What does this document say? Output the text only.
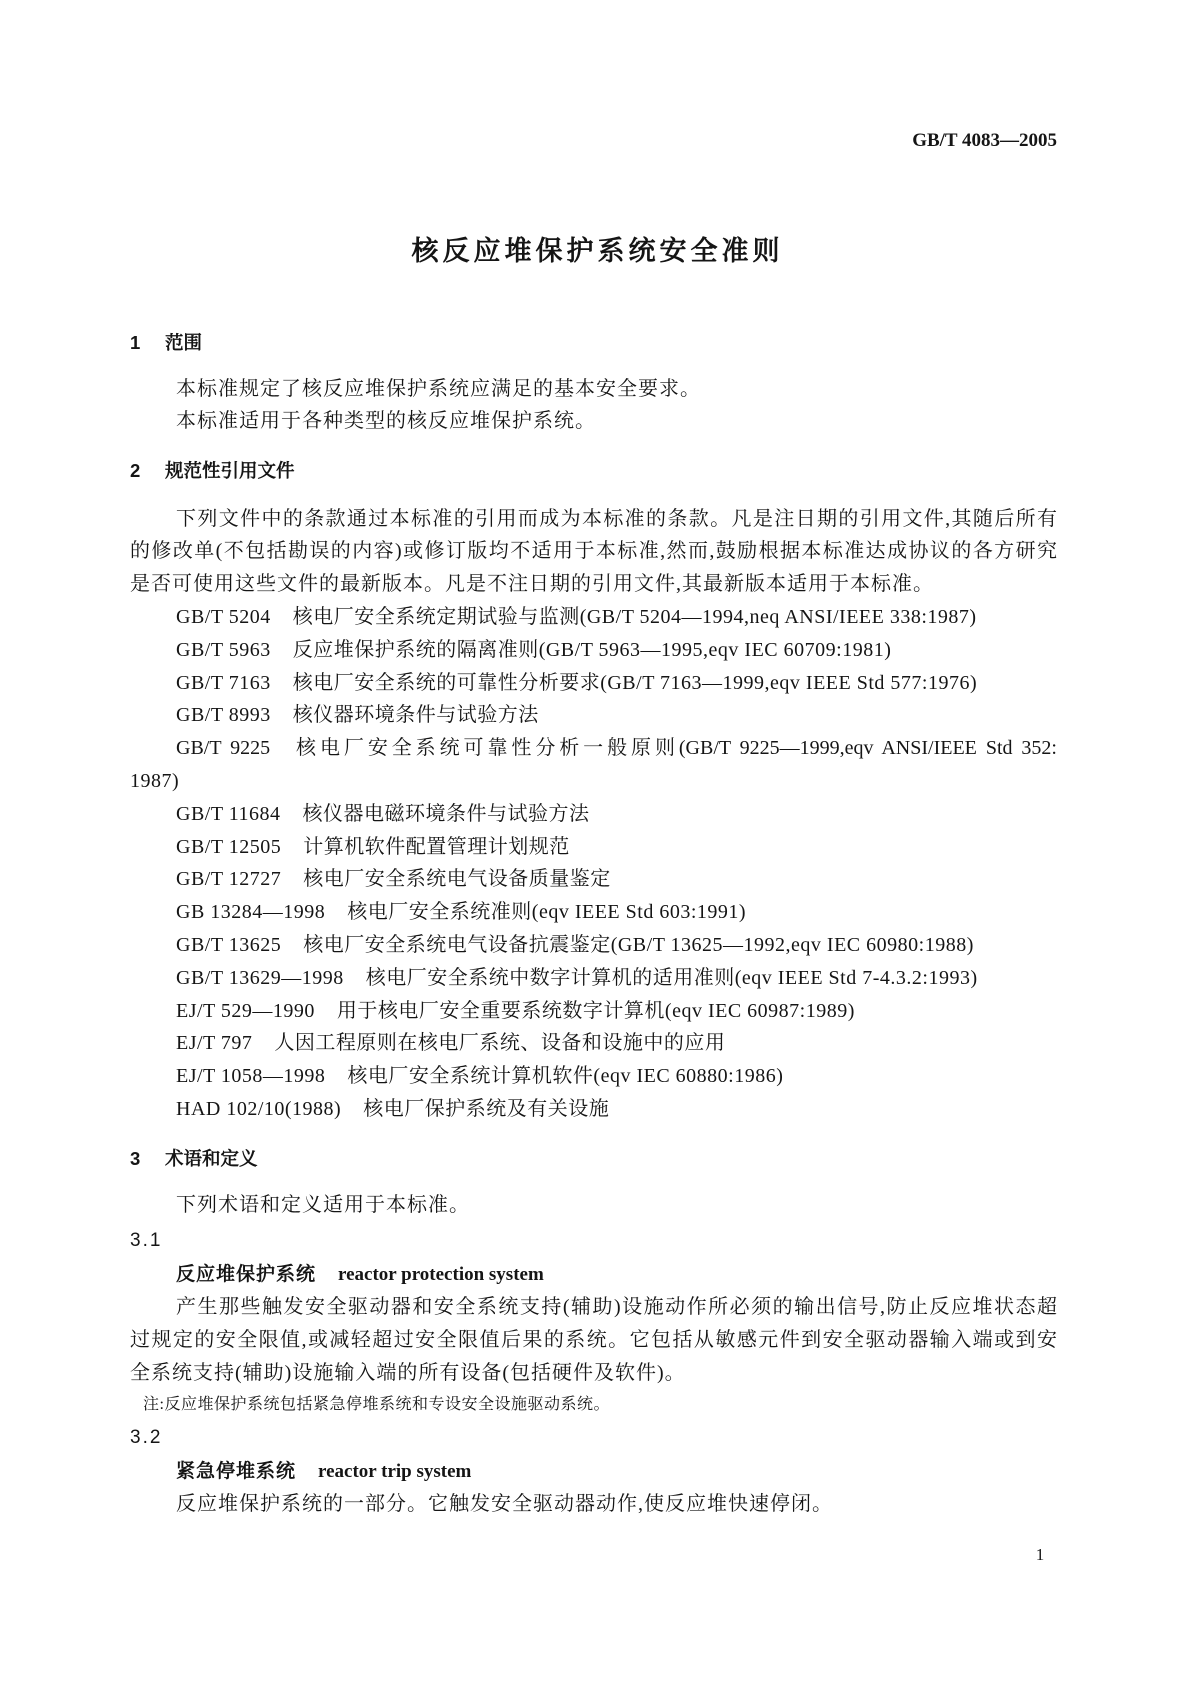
GB/T 4083—2005
核反应堆保护系统安全准则
1 范围
本标准规定了核反应堆保护系统应满足的基本安全要求。
本标准适用于各种类型的核反应堆保护系统。
2 规范性引用文件
下列文件中的条款通过本标准的引用而成为本标准的条款。凡是注日期的引用文件,其随后所有
的修改单(不包括勘误的内容)或修订版均不适用于本标准,然而,鼓励根据本标准达成协议的各方研究
是否可使用这些文件的最新版本。凡是不注日期的引用文件,其最新版本适用于本标准。
GB/T 5204 核电厂安全系统定期试验与监测(GB/T 5204—1994,neq ANSI/IEEE 338:1987)
GB/T 5963 反应堆保护系统的隔离准则(GB/T 5963—1995,eqv IEC 60709:1981)
GB/T 7163 核电厂安全系统的可靠性分析要求(GB/T 7163—1999,eqv IEEE Std 577:1976)
GB/T 8993 核仪器环境条件与试验方法
GB/T 9225 核电厂安全系统可靠性分析一般原则(GB/T 9225—1999,eqv ANSI/IEEE Std 352:
1987)
GB/T 11684 核仪器电磁环境条件与试验方法
GB/T 12505 计算机软件配置管理计划规范
GB/T 12727 核电厂安全系统电气设备质量鉴定
GB 13284—1998 核电厂安全系统准则(eqv IEEE Std 603:1991)
GB/T 13625 核电厂安全系统电气设备抗震鉴定(GB/T 13625—1992,eqv IEC 60980:1988)
GB/T 13629—1998 核电厂安全系统中数字计算机的适用准则(eqv IEEE Std 7-4.3.2:1993)
EJ/T 529—1990 用于核电厂安全重要系统数字计算机(eqv IEC 60987:1989)
EJ/T 797 人因工程原则在核电厂系统、设备和设施中的应用
EJ/T 1058—1998 核电厂安全系统计算机软件(eqv IEC 60880:1986)
HAD 102/10(1988) 核电厂保护系统及有关设施
3 术语和定义
下列术语和定义适用于本标准。
3.1
反应堆保护系统 reactor protection system
产生那些触发安全驱动器和安全系统支持(辅助)设施动作所必须的输出信号,防止反应堆状态超
过规定的安全限值,或减轻超过安全限值后果的系统。它包括从敏感元件到安全驱动器输入端或到安
全系统支持(辅助)设施输入端的所有设备(包括硬件及软件)。
注:反应堆保护系统包括紧急停堆系统和专设安全设施驱动系统。
3.2
紧急停堆系统 reactor trip system
反应堆保护系统的一部分。它触发安全驱动器动作,使反应堆快速停闭。
1
